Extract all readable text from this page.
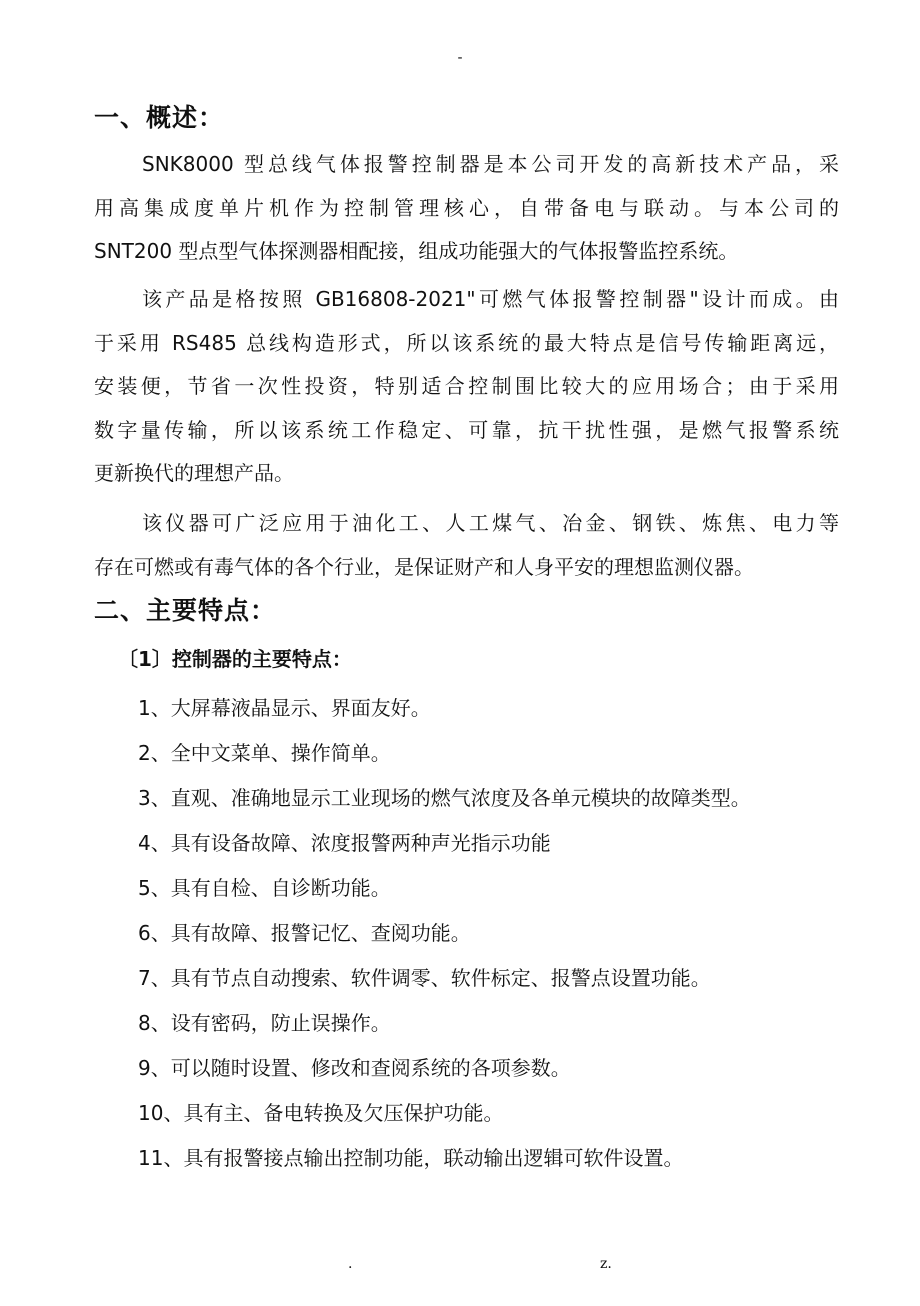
-
一、概述：
SNK8000 型总线气体报警控制器是本公司开发的高新技术产品，采
用高集成度单片机作为控制管理核心，自带备电与联动。与本公司的
SNT200 型点型气体探测器相配接，组成功能强大的气体报警监控系统。
该产品是格按照 GB16808-2021"可燃气体报警控制器"设计而成。由
于采用 RS485 总线构造形式，所以该系统的最大特点是信号传输距离远，
安装便，节省一次性投资，特别适合控制围比较大的应用场合；由于采用
数字量传输，所以该系统工作稳定、可靠，抗干扰性强，是燃气报警系统
更新换代的理想产品。
该仪器可广泛应用于油化工、人工煤气、冶金、钢铁、炼焦、电力等
存在可燃或有毒气体的各个行业，是保证财产和人身平安的理想监测仪器。
二、主要特点：
〔1〕控制器的主要特点：
1、大屏幕液晶显示、界面友好。
2、全中文菜单、操作简单。
3、直观、准确地显示工业现场的燃气浓度及各单元模块的故障类型。
4、具有设备故障、浓度报警两种声光指示功能
5、具有自检、自诊断功能。
6、具有故障、报警记忆、查阅功能。
7、具有节点自动搜索、软件调零、软件标定、报警点设置功能。
8、设有密码，防止误操作。
9、可以随时设置、修改和查阅系统的各项参数。
10、具有主、备电转换及欠压保护功能。
11、具有报警接点输出控制功能，联动输出逻辑可软件设置。
.	z.
